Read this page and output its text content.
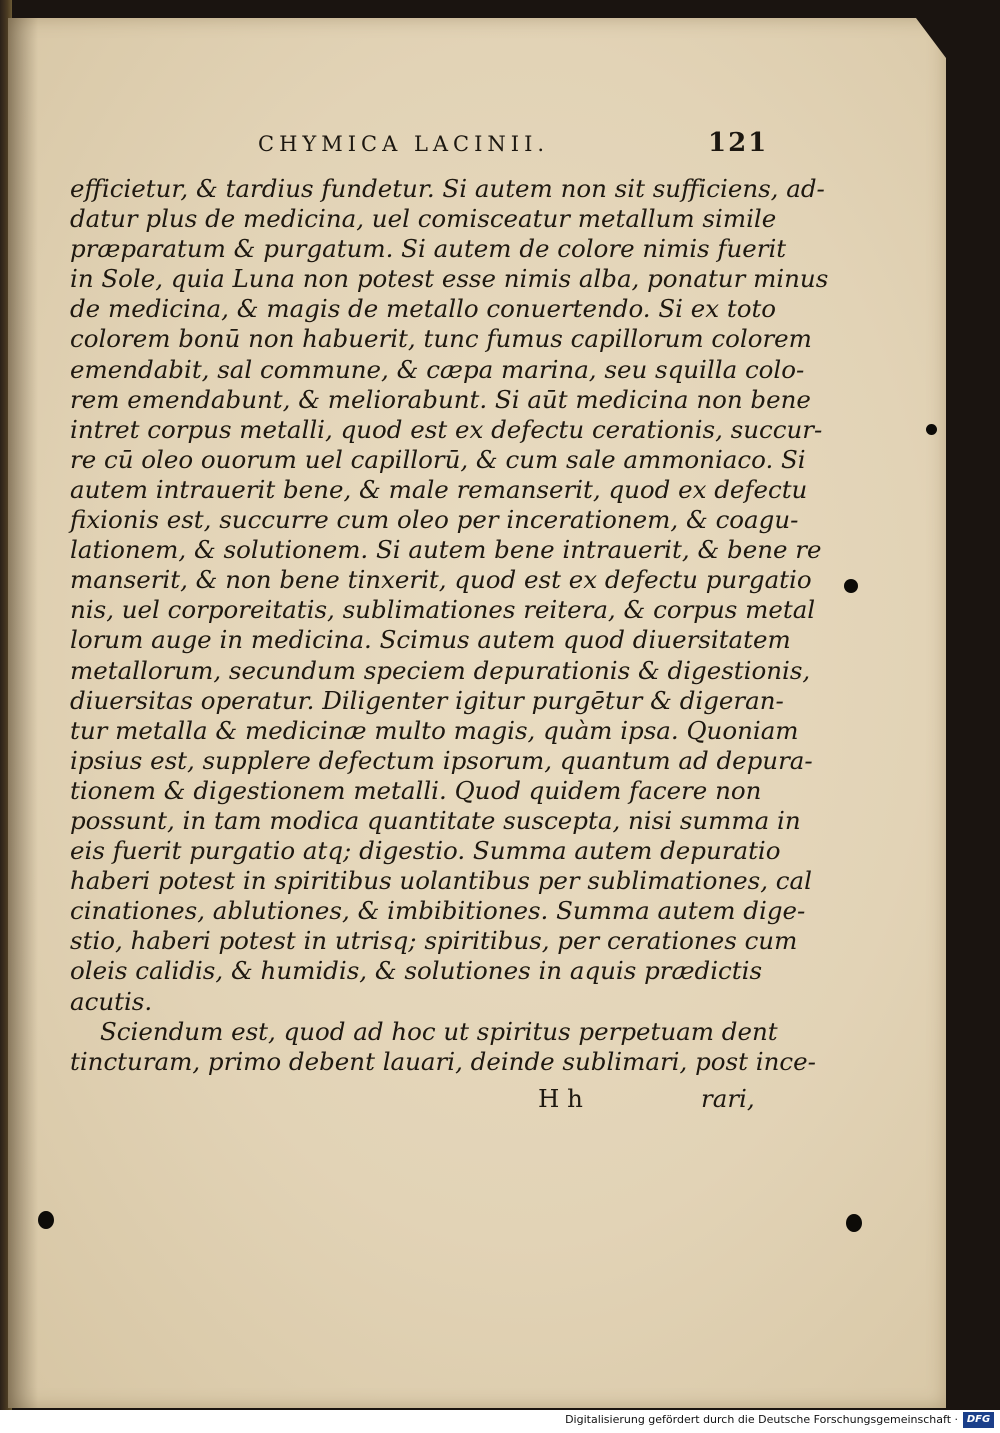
CHYMICA LACINII.	121
efficietur, & tardius fundetur. Si autem non sit sufficiens, ad-
datur plus de medicina, uel comisceatur metallum simile
præparatum & purgatum. Si autem de colore nimis fuerit
in Sole, quia Luna non potest esse nimis alba, ponatur minus
de medicina, & magis de metallo conuertendo. Si ex toto
colorem bonū non habuerit, tunc fumus capillorum colorem
emendabit, sal commune, & cæpa marina, seu squilla colo-
rem emendabunt, & meliorabunt. Si aūt medicina non bene
intret corpus metalli, quod est ex defectu cerationis, succur-
re cū oleo ouorum uel capillorū, & cum sale ammoniaco. Si
autem intrauerit bene, & male remanserit, quod ex defectu
fixionis est, succurre cum oleo per incerationem, & coagu-
lationem, & solutionem. Si autem bene intrauerit, & bene re
manserit, & non bene tinxerit, quod est ex defectu purgatio
nis, uel corporeitatis, sublimationes reitera, & corpus metal
lorum auge in medicina. Scimus autem quod diuersitatem
metallorum, secundum speciem depurationis & digestionis,
diuersitas operatur. Diligenter igitur purgētur & digeran-
tur metalla & medicinæ multo magis, quàm ipsa. Quoniam
ipsius est, supplere defectum ipsorum, quantum ad depura-
tionem & digestionem metalli. Quod quidem facere non
possunt, in tam modica quantitate suscepta, nisi summa in
eis fuerit purgatio atq; digestio. Summa autem depuratio
haberi potest in spiritibus uolantibus per sublimationes, cal
cinationes, ablutiones, & imbibitiones. Summa autem dige-
stio, haberi potest in utrisq; spiritibus, per cerationes cum
oleis calidis, & humidis, & solutiones in aquis prædictis
acutis.
Sciendum est, quod ad hoc ut spiritus perpetuam dent
tincturam, primo debent lauari, deinde sublimari, post ince-
H h	rari,
Digitalisierung gefördert durch die Deutsche Forschungsgemeinschaft · DFG
